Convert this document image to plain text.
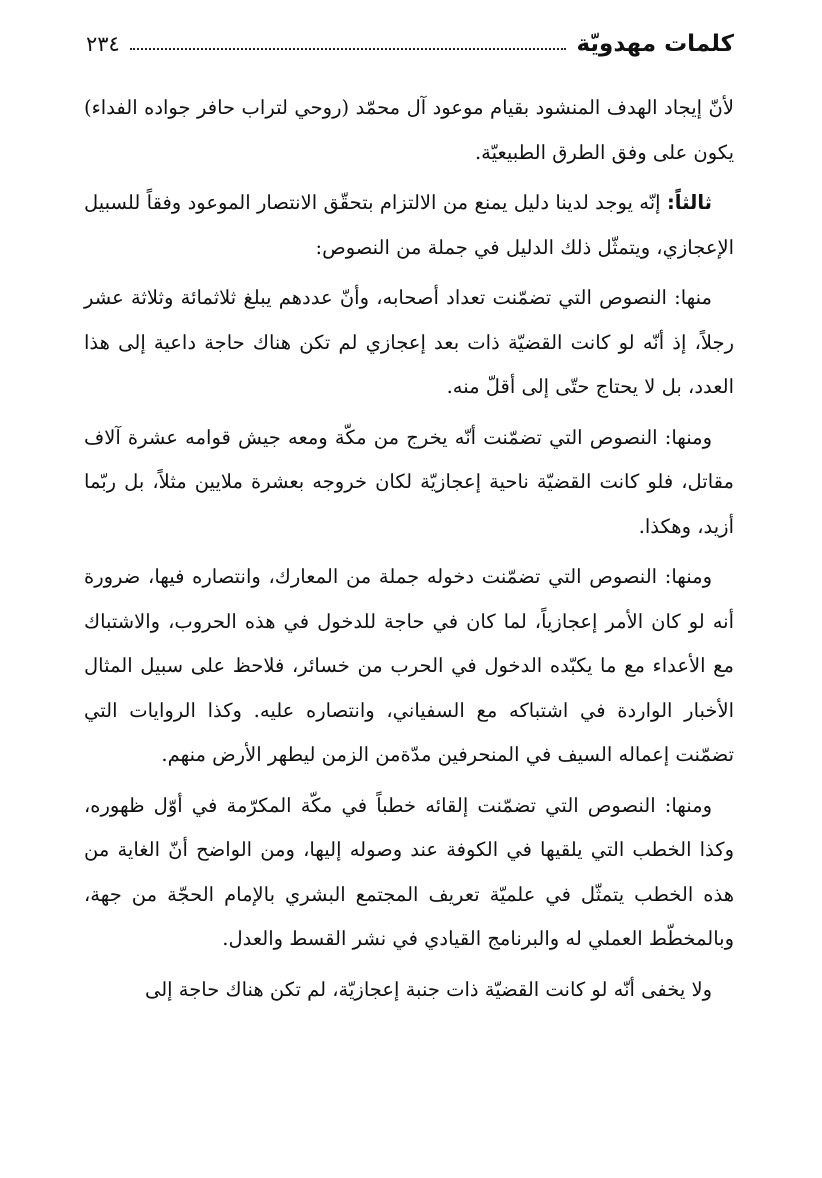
كلمات مهدويّة
٢٣٤

لأنّ إيجاد الهدف المنشود بقيام موعود آل محمّد (روحي لتراب حافر جواده الفداء) يكون على وفق الطرق الطبيعيّة.

ثالثاً: إنّه يوجد لدينا دليل يمنع من الالتزام بتحقّق الانتصار الموعود وفقاً للسبيل الإعجازي، ويتمثّل ذلك الدليل في جملة من النصوص:

منها: النصوص التي تضمّنت تعداد أصحابه، وأنّ عددهم يبلغ ثلاثمائة وثلاثة عشر رجلاً، إذ أنّه لو كانت القضيّة ذات بعد إعجازي لم تكن هناك حاجة داعية إلى هذا العدد، بل لا يحتاج حتّى إلى أقلّ منه.

ومنها: النصوص التي تضمّنت أنّه يخرج من مكّة ومعه جيش قوامه عشرة آلاف مقاتل، فلو كانت القضيّة ناحية إعجازيّة لكان خروجه بعشرة ملايين مثلاً، بل ربّما أزيد، وهكذا.

ومنها: النصوص التي تضمّنت دخوله جملة من المعارك، وانتصاره فيها، ضرورة أنه لو كان الأمر إعجازياً، لما كان في حاجة للدخول في هذه الحروب، والاشتباك مع الأعداء مع ما يكبّده الدخول في الحرب من خسائر، فلاحظ على سبيل المثال الأخبار الواردة في اشتباكه مع السفياني، وانتصاره عليه. وكذا الروايات التي تضمّنت إعماله السيف في المنحرفين مدّةمن الزمن ليطهر الأرض منهم.

ومنها: النصوص التي تضمّنت إلقائه خطباً في مكّة المكرّمة في أوّل ظهوره، وكذا الخطب التي يلقيها في الكوفة عند وصوله إليها، ومن الواضح أنّ الغاية من هذه الخطب يتمثّل في علميّة تعريف المجتمع البشري بالإمام الحجّة من جهة، وبالمخطّط العملي له والبرنامج القيادي في نشر القسط والعدل.

ولا يخفى أنّه لو كانت القضيّة ذات جنبة إعجازيّة، لم تكن هناك حاجة إلى
